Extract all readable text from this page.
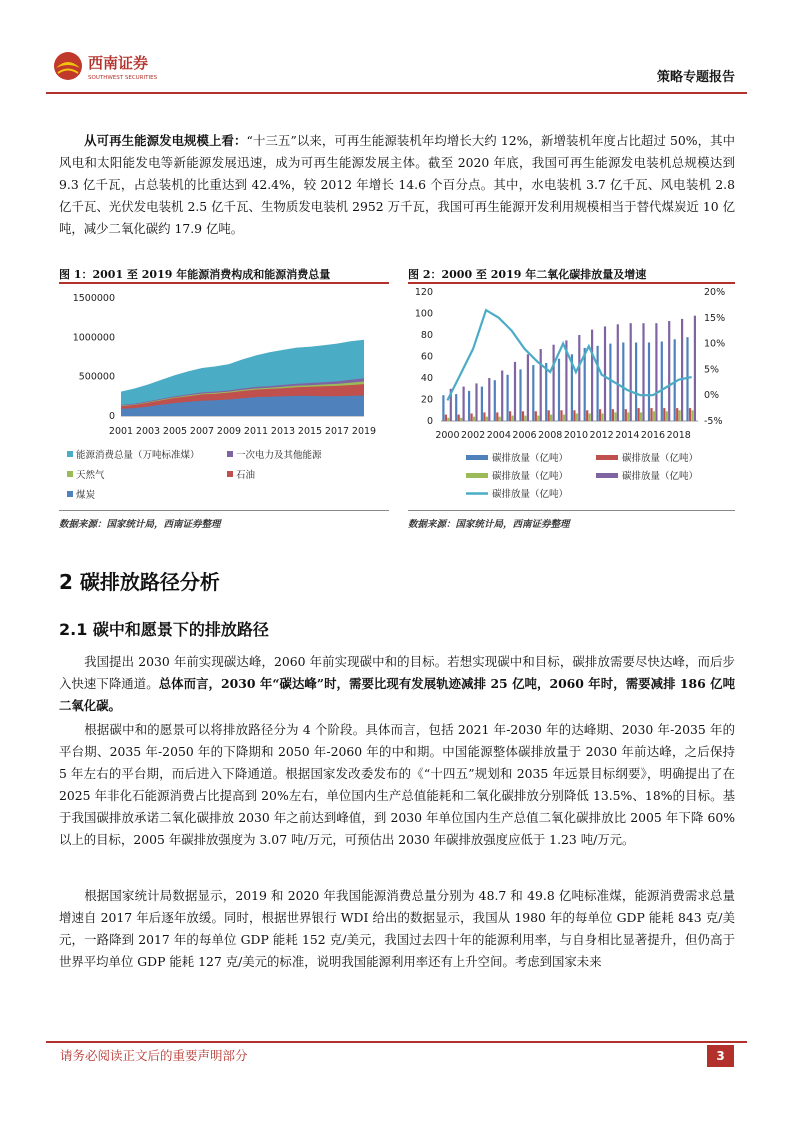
西南证券
SOUTHWEST SECURITIES	策略专题报告

从可再生能源发电规模上看：“十三五”以来，可再生能源装机年均增长大约 12%，新增装机年度占比超过 50%，其中风电和太阳能发电等新能源发展迅速，成为可再生能源发展主体。截至 2020 年底，我国可再生能源发电装机总规模达到 9.3 亿千瓦，占总装机的比重达到 42.4%，较 2012 年增长 14.6 个百分点。其中，水电装机 3.7 亿千瓦、风电装机 2.8 亿千瓦、光伏发电装机 2.5 亿千瓦、生物质发电装机 2952 万千瓦，我国可再生能源开发利用规模相当于替代煤炭近 10 亿吨，减少二氧化碳约 17.9 亿吨。

图 1：2001 至 2019 年能源消费构成和能源消费总量
1500000
1000000
500000
0
2001 2003 2005 2007 2009 2011 2013 2015 2017 2019
能源消费总量（万吨标准煤）	一次电力及其他能源
天然气	石油
煤炭
数据来源：国家统计局，西南证券整理
图 2：2000 至 2019 年二氧化碳排放量及增速
120
100
80
60
40
20
0
20%
15%
10%
5%
0%
-5%
2000 2002 2004 2006 2008 2010 2012 2014 2016 2018
碳排放量（亿吨）	碳排放量（亿吨）
碳排放量（亿吨）	碳排放量（亿吨）
碳排放量（亿吨）
数据来源：国家统计局，西南证券整理
2 碳排放路径分析
2.1 碳中和愿景下的排放路径

我国提出 2030 年前实现碳达峰，2060 年前实现碳中和的目标。若想实现碳中和目标，碳排放需要尽快达峰，而后步入快速下降通道。总体而言，2030 年“碳达峰”时，需要比现有发展轨迹减排 25 亿吨，2060 年时，需要减排 186 亿吨二氧化碳。

根据碳中和的愿景可以将排放路径分为 4 个阶段。具体而言，包括 2021 年-2030 年的达峰期、2030 年-2035 年的平台期、2035 年-2050 年的下降期和 2050 年-2060 年的中和期。中国能源整体碳排放量于 2030 年前达峰，之后保持 5 年左右的平台期，而后进入下降通道。根据国家发改委发布的《“十四五”规划和 2035 年远景目标纲要》，明确提出了在 2025 年非化石能源消费占比提高到 20%左右，单位国内生产总值能耗和二氧化碳排放分别降低 13.5%、18%的目标。基于我国碳排放承诺二氧化碳排放 2030 年之前达到峰值，到 2030 年单位国内生产总值二氧化碳排放比 2005 年下降 60%以上的目标，2005 年碳排放强度为 3.07 吨/万元，可预估出 2030 年碳排放强度应低于 1.23 吨/万元。

根据国家统计局数据显示，2019 和 2020 年我国能源消费总量分别为 48.7 和 49.8 亿吨标准煤，能源消费需求总量增速自 2017 年后逐年放缓。同时，根据世界银行 WDI 给出的数据显示，我国从 1980 年的每单位 GDP 能耗 843 克/美元，一路降到 2017 年的每单位 GDP 能耗 152 克/美元，我国过去四十年的能源利用率，与自身相比显著提升，但仍高于世界平均单位 GDP 能耗 127 克/美元的标准，说明我国能源利用率还有上升空间。考虑到国家未来

请务必阅读正文后的重要声明部分	3
